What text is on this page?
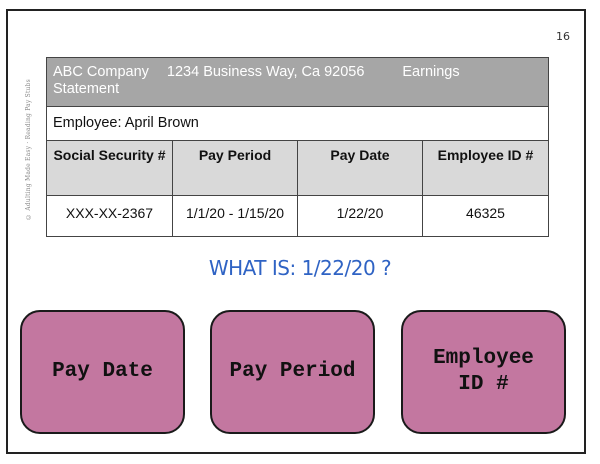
16
© Adulting Made Easy · Reading Pay Stubs
ABC Company 1234 Business Way, Ca 92056 Earnings
Statement			
Employee: April Brown			
Social Security #	Pay Period	Pay Date	Employee ID #
XXX-XX-2367	1/1/20 - 1/15/20	1/22/20	46325
WHAT IS: 1/22/20 ?
Pay Date	Pay Period
Employee ID #
